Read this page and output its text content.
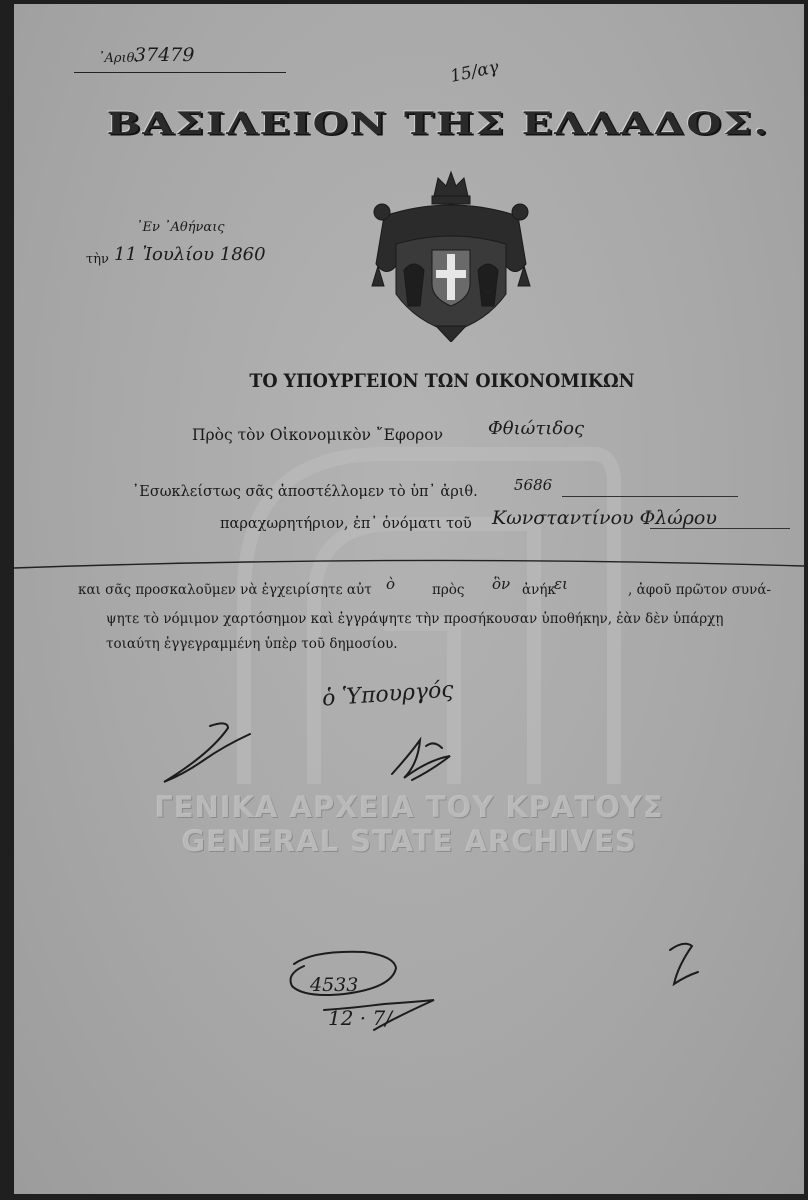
᾿Αριθ.
37479
15/αγ
ΒΑΣΙΛΕΙΟΝ ΤΗΣ ΕΛΛΑΔΟΣ.
᾿Εν ᾿Αθήναις
τὴν 11 Ἰουλίου 1860
ΤΟ ΥΠΟΥΡΓΕΙΟΝ ΤΩΝ ΟΙΚΟΝΟΜΙΚΩΝ
Πρὸς τὸν Οἰκονομικὸν ῎Εφορον Φθιώτιδος
᾿Εσωκλείστως σᾶς ἀποστέλλομεν τὸ ὑπ᾿ ἀριθ. 5686
παραχωρητήριον, ἐπ᾿ ὀνόματι τοῦ Κωνσταντίνου Φλώρου
και σᾶς προσκαλοῦμεν νὰ ἐγχειρίσητε αὐτ ὸ	πρὸς ὃν ἀνήκ
ει	, ἀφοῦ πρῶτον συνά-
ψητε τὸ νόμιμον χαρτόσημον καὶ ἐγγράψητε τὴν προσήκουσαν ὑποθήκην, ἐὰν δὲν ὑπάρχῃ
τοιαύτη ἐγγεγραμμένη ὑπὲρ τοῦ δημοσίου.
ὁ Ὑπουργός
4533
12 · 7/
ΓΕΝΙΚΑ ΑΡΧΕΙΑ ΤΟΥ ΚΡΑΤΟΥΣ
GENERAL STATE ARCHIVES
